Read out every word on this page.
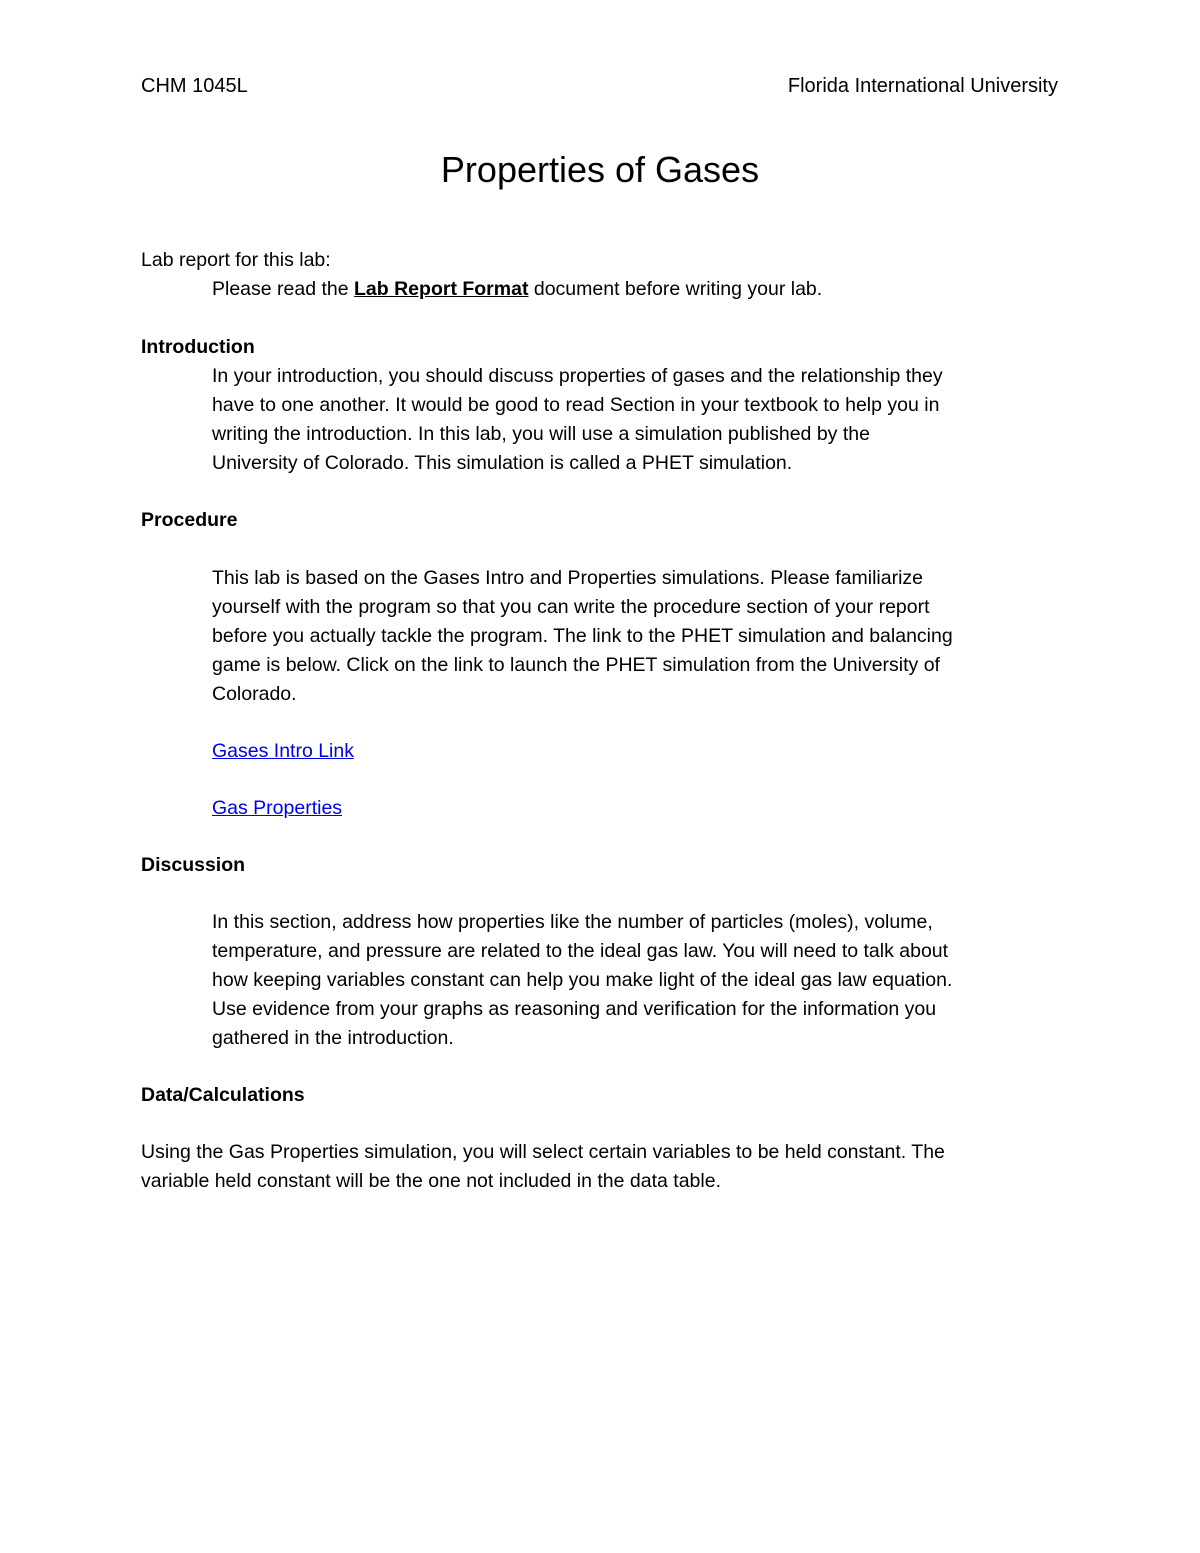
CHM 1045L	Florida International University
Properties of Gases
Lab report for this lab:
Please read the Lab Report Format document before writing your lab.
Introduction
In your introduction, you should discuss properties of gases and the relationship they
have to one another. It would be good to read Section in your textbook to help you in
writing the introduction. In this lab, you will use a simulation published by the
University of Colorado. This simulation is called a PHET simulation.
Procedure
This lab is based on the Gases Intro and Properties simulations. Please familiarize
yourself with the program so that you can write the procedure section of your report
before you actually tackle the program. The link to the PHET simulation and balancing
game is below. Click on the link to launch the PHET simulation from the University of
Colorado.
Gases Intro Link
Gas Properties
Discussion
In this section, address how properties like the number of particles (moles), volume,
temperature, and pressure are related to the ideal gas law. You will need to talk about
how keeping variables constant can help you make light of the ideal gas law equation.
Use evidence from your graphs as reasoning and verification for the information you
gathered in the introduction.
Data/Calculations
Using the Gas Properties simulation, you will select certain variables to be held constant. The
variable held constant will be the one not included in the data table.
